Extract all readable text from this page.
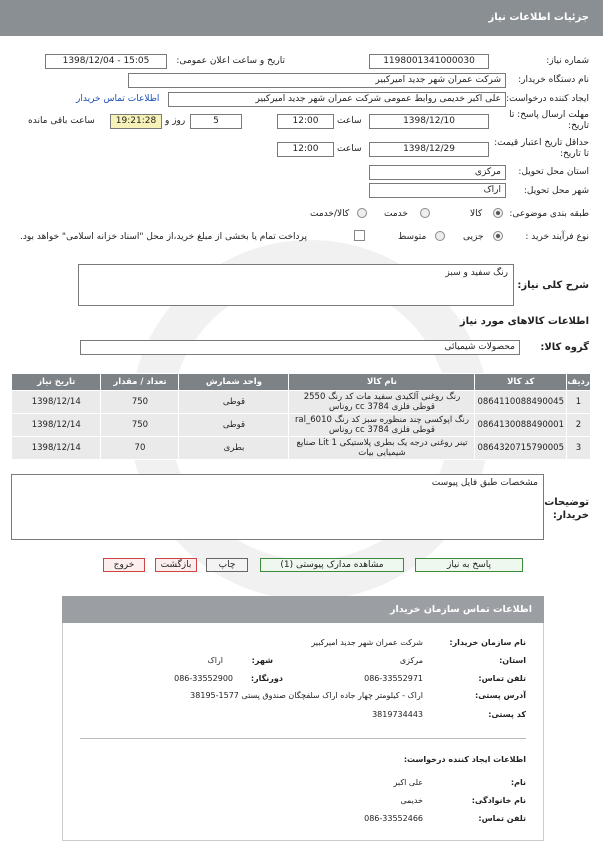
جزئیات اطلاعات نیاز
شماره نیاز:
1198001341000030
تاریخ و ساعت اعلان عمومی:
1398/12/04 - 15:05
نام دستگاه خریدار:
شرکت عمران شهر جدید امیرکبیر
ایجاد کننده درخواست:
علی اکبر خدیمی روابط عمومی شرکت عمران شهر جدید امیرکبیر
اطلاعات تماس خریدار
مهلت ارسال پاسخ: تا تاریخ:
1398/12/10
ساعت
12:00
5
روز و
19:21:28
ساعت باقی مانده
حداقل تاریخ اعتبار قیمت: تا تاریخ:
1398/12/29
ساعت
12:00
استان محل تحویل:
مرکزی
شهر محل تحویل:
اراک
طبقه بندی موضوعی:
کالا
خدمت
کالا/خدمت
نوع فرآیند خرید :
جزیی
متوسط
پرداخت تمام یا بخشی از مبلغ خرید،از محل "اسناد خزانه اسلامی" خواهد بود.
شرح کلی نیاز:
رنگ سفید و سبز
اطلاعات کالاهای مورد نیاز
گروه کالا:
محصولات شیمیائی
ردیف	کد کالا	نام کالا	واحد شمارش	تعداد / مقدار	تاریخ نیاز
1	0864110088490045	رنگ روغنی آلکیدی سفید مات کد رنگ 2550 قوطی فلزی 3784 cc روناس	قوطی	750	1398/12/14
2	0864130088490001	رنگ اپوکسی چند منظوره سبز کد رنگ ral_6010 قوطی فلزی 3784 cc روناس	قوطی	750	1398/12/14
3	0864320715790005	تینر روغنی درجه یک بطری پلاستیکی 1 Lit صنایع شیمیایی بیات	بطری	70	1398/12/14
توضیحات خریدار:
مشخصات طبق فایل پیوست
پاسخ به نیاز
مشاهده مدارک پیوستی (1)
چاپ
بازگشت
خروج
اطلاعات تماس سازمان خریدار
نام سازمان خریدار:
شرکت عمران شهر جدید امیرکبیر
استان:
مرکزی
شهر:
اراک
تلفن تماس:
086-33552971
دورنگار:
086-33552900
آدرس پستی:
اراک - کیلومتر چهار جاده اراک سلفچگان صندوق پستی 1577-38195
کد پستی:
3819734443
اطلاعات ایجاد کننده درخواست:
نام:
علی اکبر
نام خانوادگی:
خدیمی
تلفن تماس:
086-33552466
